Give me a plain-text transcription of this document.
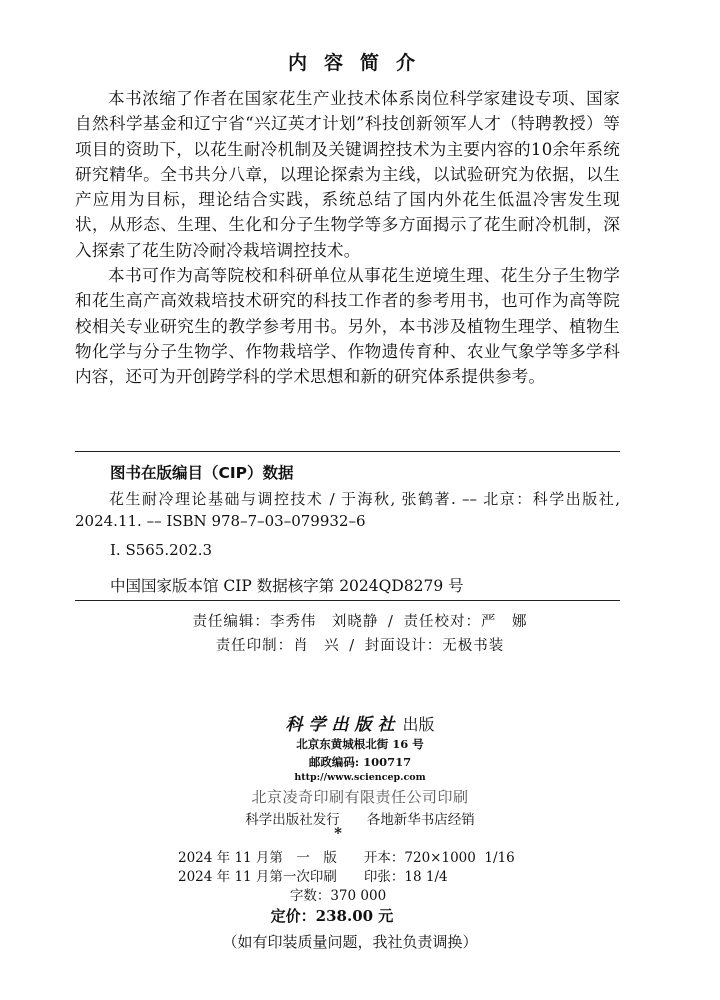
内容简介

本书浓缩了作者在国家花生产业技术体系岗位科学家建设专项、国家自然科学基金和辽宁省“兴辽英才计划”科技创新领军人才（特聘教授）等项目的资助下，以花生耐冷机制及关键调控技术为主要内容的10余年系统研究精华。全书共分八章，以理论探索为主线，以试验研究为依据，以生产应用为目标，理论结合实践，系统总结了国内外花生低温冷害发生现状，从形态、生理、生化和分子生物学等多方面揭示了花生耐冷机制，深入探索了花生防冷耐冷栽培调控技术。

本书可作为高等院校和科研单位从事花生逆境生理、花生分子生物学和花生高产高效栽培技术研究的科技工作者的参考用书，也可作为高等院校相关专业研究生的教学参考用书。另外，本书涉及植物生理学、植物生物化学与分子生物学、作物栽培学、作物遗传育种、农业气象学等多学科内容，还可为开创跨学科的学术思想和新的研究体系提供参考。

图书在版编目（CIP）数据
花生耐冷理论基础与调控技术 / 于海秋, 张鹤著. –– 北京：科学出版社, 2024.11. –– ISBN 978–7–03–079932–6
Ⅰ. S565.202.3
中国国家版本馆 CIP 数据核字第 2024QD8279 号
责任编辑：李秀伟　刘晓静 / 责任校对：严　娜
责任印制：肖　兴 / 封面设计：无极书装
科学出版社 出版
北京东黄城根北街 16 号
邮政编码: 100717
http://www.sciencep.com
北京凌奇印刷有限责任公司印刷
科学出版社发行　　各地新华书店经销
*
2024 年 11 月第　一　版　　开本：720×1000  1/16
2024 年 11 月第一次印刷　　印张：18 1/4
字数：370 000
定价：238.00 元
（如有印装质量问题，我社负责调换）
